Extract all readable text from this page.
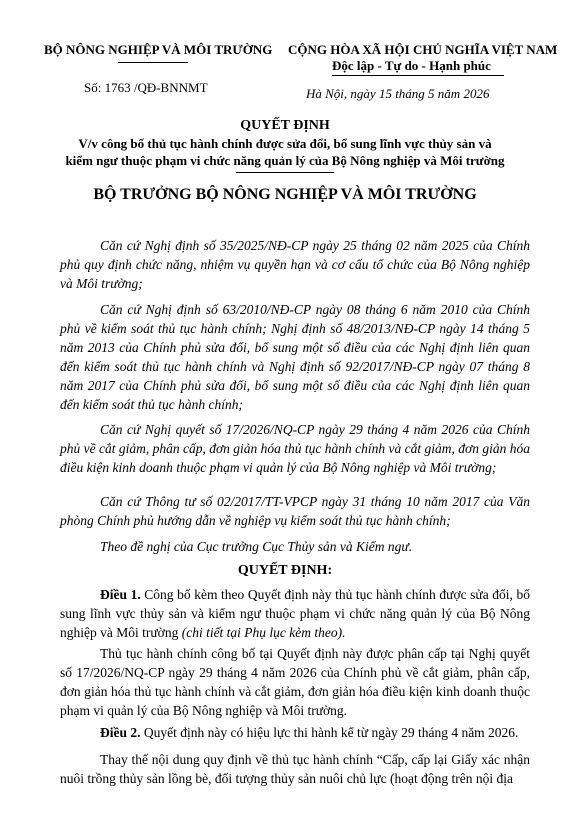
BỘ NÔNG NGHIỆP VÀ MÔI TRƯỜNG
Số: 1763 /QĐ-BNNMT
CỘNG HÒA XÃ HỘI CHỦ NGHĨA VIỆT NAM
Độc lập - Tự do - Hạnh phúc
Hà Nội, ngày 15 tháng 5 năm 2026
QUYẾT ĐỊNH
V/v công bố thủ tục hành chính được sửa đổi, bổ sung lĩnh vực thủy sản và
kiểm ngư thuộc phạm vi chức năng quản lý của Bộ Nông nghiệp và Môi trường
BỘ TRƯỞNG BỘ NÔNG NGHIỆP VÀ MÔI TRƯỜNG
Căn cứ Nghị định số 35/2025/NĐ-CP ngày 25 tháng 02 năm 2025 của Chính phủ quy định chức năng, nhiệm vụ quyền hạn và cơ cấu tổ chức của Bộ Nông nghiệp và Môi trường;
Căn cứ Nghị định số 63/2010/NĐ-CP ngày 08 tháng 6 năm 2010 của Chính phủ về kiểm soát thủ tục hành chính; Nghị định số 48/2013/NĐ-CP ngày 14 tháng 5 năm 2013 của Chính phủ sửa đổi, bổ sung một số điều của các Nghị định liên quan đến kiểm soát thủ tục hành chính và Nghị định số 92/2017/NĐ-CP ngày 07 tháng 8 năm 2017 của Chính phủ sửa đổi, bổ sung một số điều của các Nghị định liên quan đến kiểm soát thủ tục hành chính;
Căn cứ Nghị quyết số 17/2026/NQ-CP ngày 29 tháng 4 năm 2026 của Chính phủ về cắt giảm, phân cấp, đơn giản hóa thủ tục hành chính và cắt giảm, đơn giản hóa điều kiện kinh doanh thuộc phạm vi quản lý của Bộ Nông nghiệp và Môi trường;
Căn cứ Thông tư số 02/2017/TT-VPCP ngày 31 tháng 10 năm 2017 của Văn phòng Chính phủ hướng dẫn về nghiệp vụ kiểm soát thủ tục hành chính;
Theo đề nghị của Cục trưởng Cục Thủy sản và Kiểm ngư.
QUYẾT ĐỊNH:
Điều 1. Công bố kèm theo Quyết định này thủ tục hành chính được sửa đổi, bổ sung lĩnh vực thủy sản và kiểm ngư thuộc phạm vi chức năng quản lý của Bộ Nông nghiệp và Môi trường (chi tiết tại Phụ lục kèm theo).
Thủ tục hành chính công bố tại Quyết định này được phân cấp tại Nghị quyết số 17/2026/NQ-CP ngày 29 tháng 4 năm 2026 của Chính phủ về cắt giảm, phân cấp, đơn giản hóa thủ tục hành chính và cắt giảm, đơn giản hóa điều kiện kinh doanh thuộc phạm vi quản lý của Bộ Nông nghiệp và Môi trường.
Điều 2. Quyết định này có hiệu lực thi hành kể từ ngày 29 tháng 4 năm 2026.
Thay thế nội dung quy định về thủ tục hành chính “Cấp, cấp lại Giấy xác nhận nuôi trồng thủy sản lồng bè, đối tượng thủy sản nuôi chủ lực (hoạt động trên nội địa
